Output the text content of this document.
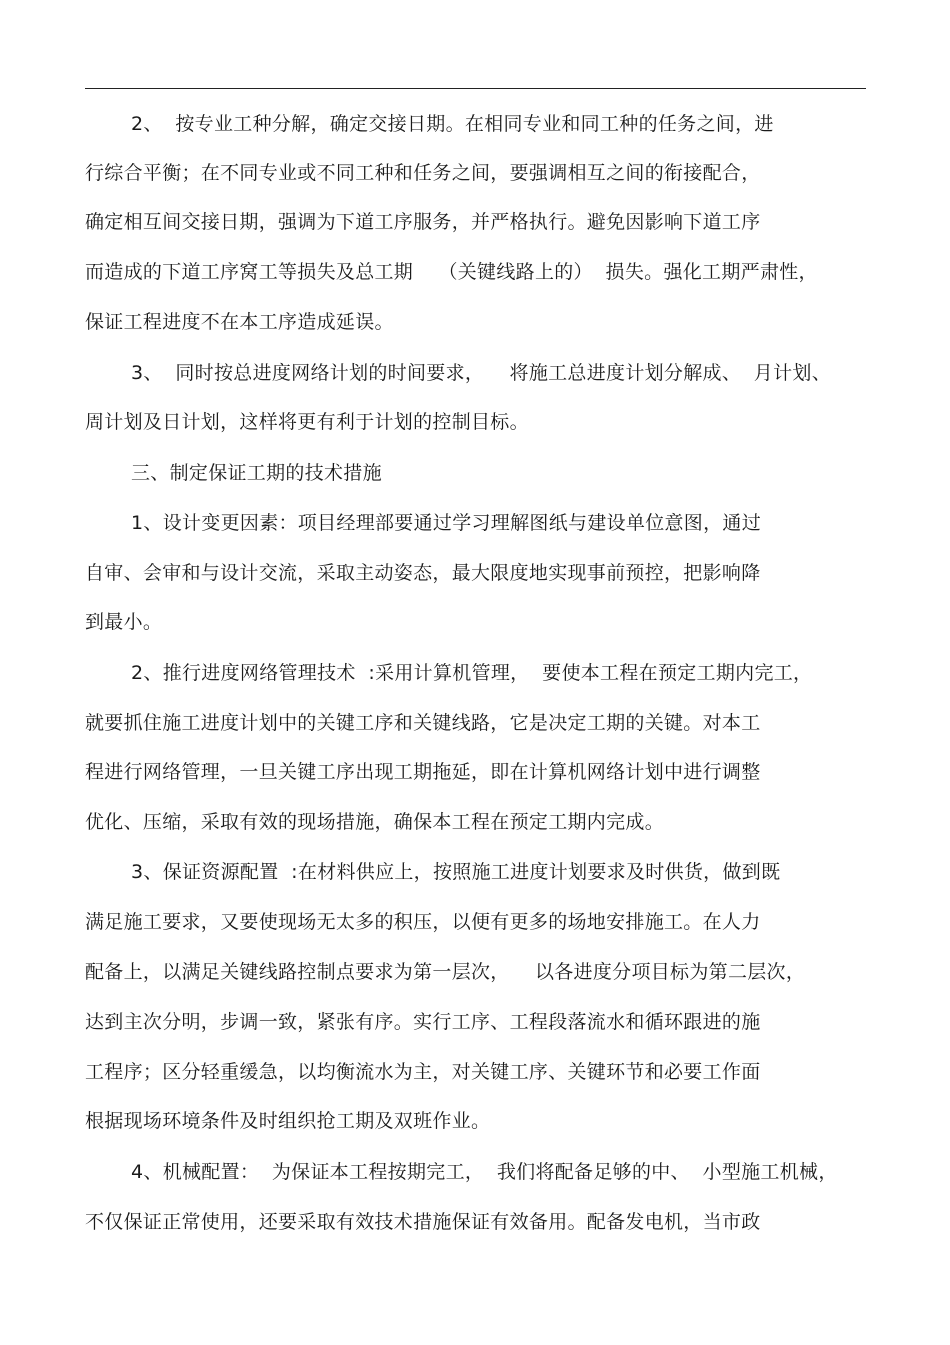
2、  按专业工种分解，确定交接日期。在相同专业和同工种的任务之间，进
行综合平衡；在不同专业或不同工种和任务之间，要强调相互之间的衔接配合，
确定相互间交接日期，强调为下道工序服务，并严格执行。避免因影响下道工序
而造成的下道工序窝工等损失及总工期    （关键线路上的）  损失。强化工期严肃性，
保证工程进度不在本工序造成延误。
3、  同时按总进度网络计划的时间要求，    将施工总进度计划分解成、  月计划、
周计划及日计划，这样将更有利于计划的控制目标。
三、制定保证工期的技术措施
1、设计变更因素：项目经理部要通过学习理解图纸与建设单位意图，通过
自审、会审和与设计交流，采取主动姿态，最大限度地实现事前预控，把影响降
到最小。
2、推行进度网络管理技术  :采用计算机管理，  要使本工程在预定工期内完工，
就要抓住施工进度计划中的关键工序和关键线路，它是决定工期的关键。对本工
程进行网络管理，一旦关键工序出现工期拖延，即在计算机网络计划中进行调整
优化、压缩，采取有效的现场措施，确保本工程在预定工期内完成。
3、保证资源配置  :在材料供应上，按照施工进度计划要求及时供货，做到既
满足施工要求，又要使现场无太多的积压，以便有更多的场地安排施工。在人力
配备上，以满足关键线路控制点要求为第一层次，    以各进度分项目标为第二层次，
达到主次分明，步调一致，紧张有序。实行工序、工程段落流水和循环跟进的施
工程序；区分轻重缓急，以均衡流水为主，对关键工序、关键环节和必要工作面
根据现场环境条件及时组织抢工期及双班作业。
4、机械配置：  为保证本工程按期完工，  我们将配备足够的中、  小型施工机械，
不仅保证正常使用，还要采取有效技术措施保证有效备用。配备发电机，当市政
